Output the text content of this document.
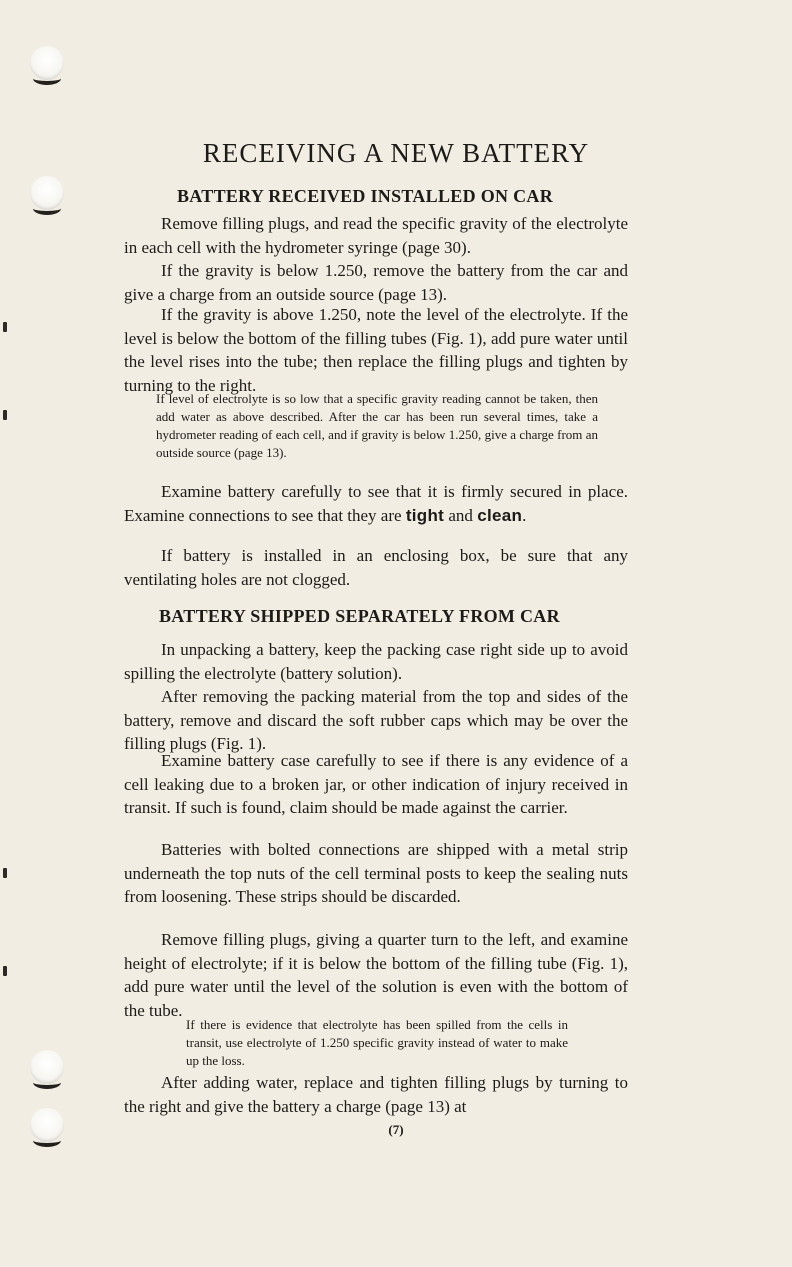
RECEIVING A NEW BATTERY
BATTERY RECEIVED INSTALLED ON CAR

Remove filling plugs, and read the specific gravity of the electrolyte in each cell with the hydrometer syringe (page 30).

If the gravity is below 1.250, remove the battery from the car and give a charge from an outside source (page 13).

If the gravity is above 1.250, note the level of the electrolyte. If the level is below the bottom of the filling tubes (Fig. 1), add pure water until the level rises into the tube; then replace the filling plugs and tighten by turning to the right.

If level of electrolyte is so low that a specific gravity reading cannot be taken, then add water as above described. After the car has been run several times, take a hydrometer reading of each cell, and if gravity is below 1.250, give a charge from an outside source (page 13).

Examine battery carefully to see that it is firmly secured in place. Examine connections to see that they are tight and clean.

If battery is installed in an enclosing box, be sure that any ventilating holes are not clogged.

BATTERY SHIPPED SEPARATELY FROM CAR

In unpacking a battery, keep the packing case right side up to avoid spilling the electrolyte (battery solution).

After removing the packing material from the top and sides of the battery, remove and discard the soft rubber caps which may be over the filling plugs (Fig. 1).

Examine battery case carefully to see if there is any evidence of a cell leaking due to a broken jar, or other indication of injury received in transit. If such is found, claim should be made against the carrier.

Batteries with bolted connections are shipped with a metal strip underneath the top nuts of the cell terminal posts to keep the sealing nuts from loosening. These strips should be discarded.

Remove filling plugs, giving a quarter turn to the left, and examine height of electrolyte; if it is below the bottom of the filling tube (Fig. 1), add pure water until the level of the solution is even with the bottom of the tube.

If there is evidence that electrolyte has been spilled from the cells in transit, use electrolyte of 1.250 specific gravity instead of water to make up the loss.

After adding water, replace and tighten filling plugs by turning to the right and give the battery a charge (page 13) at

(7)
